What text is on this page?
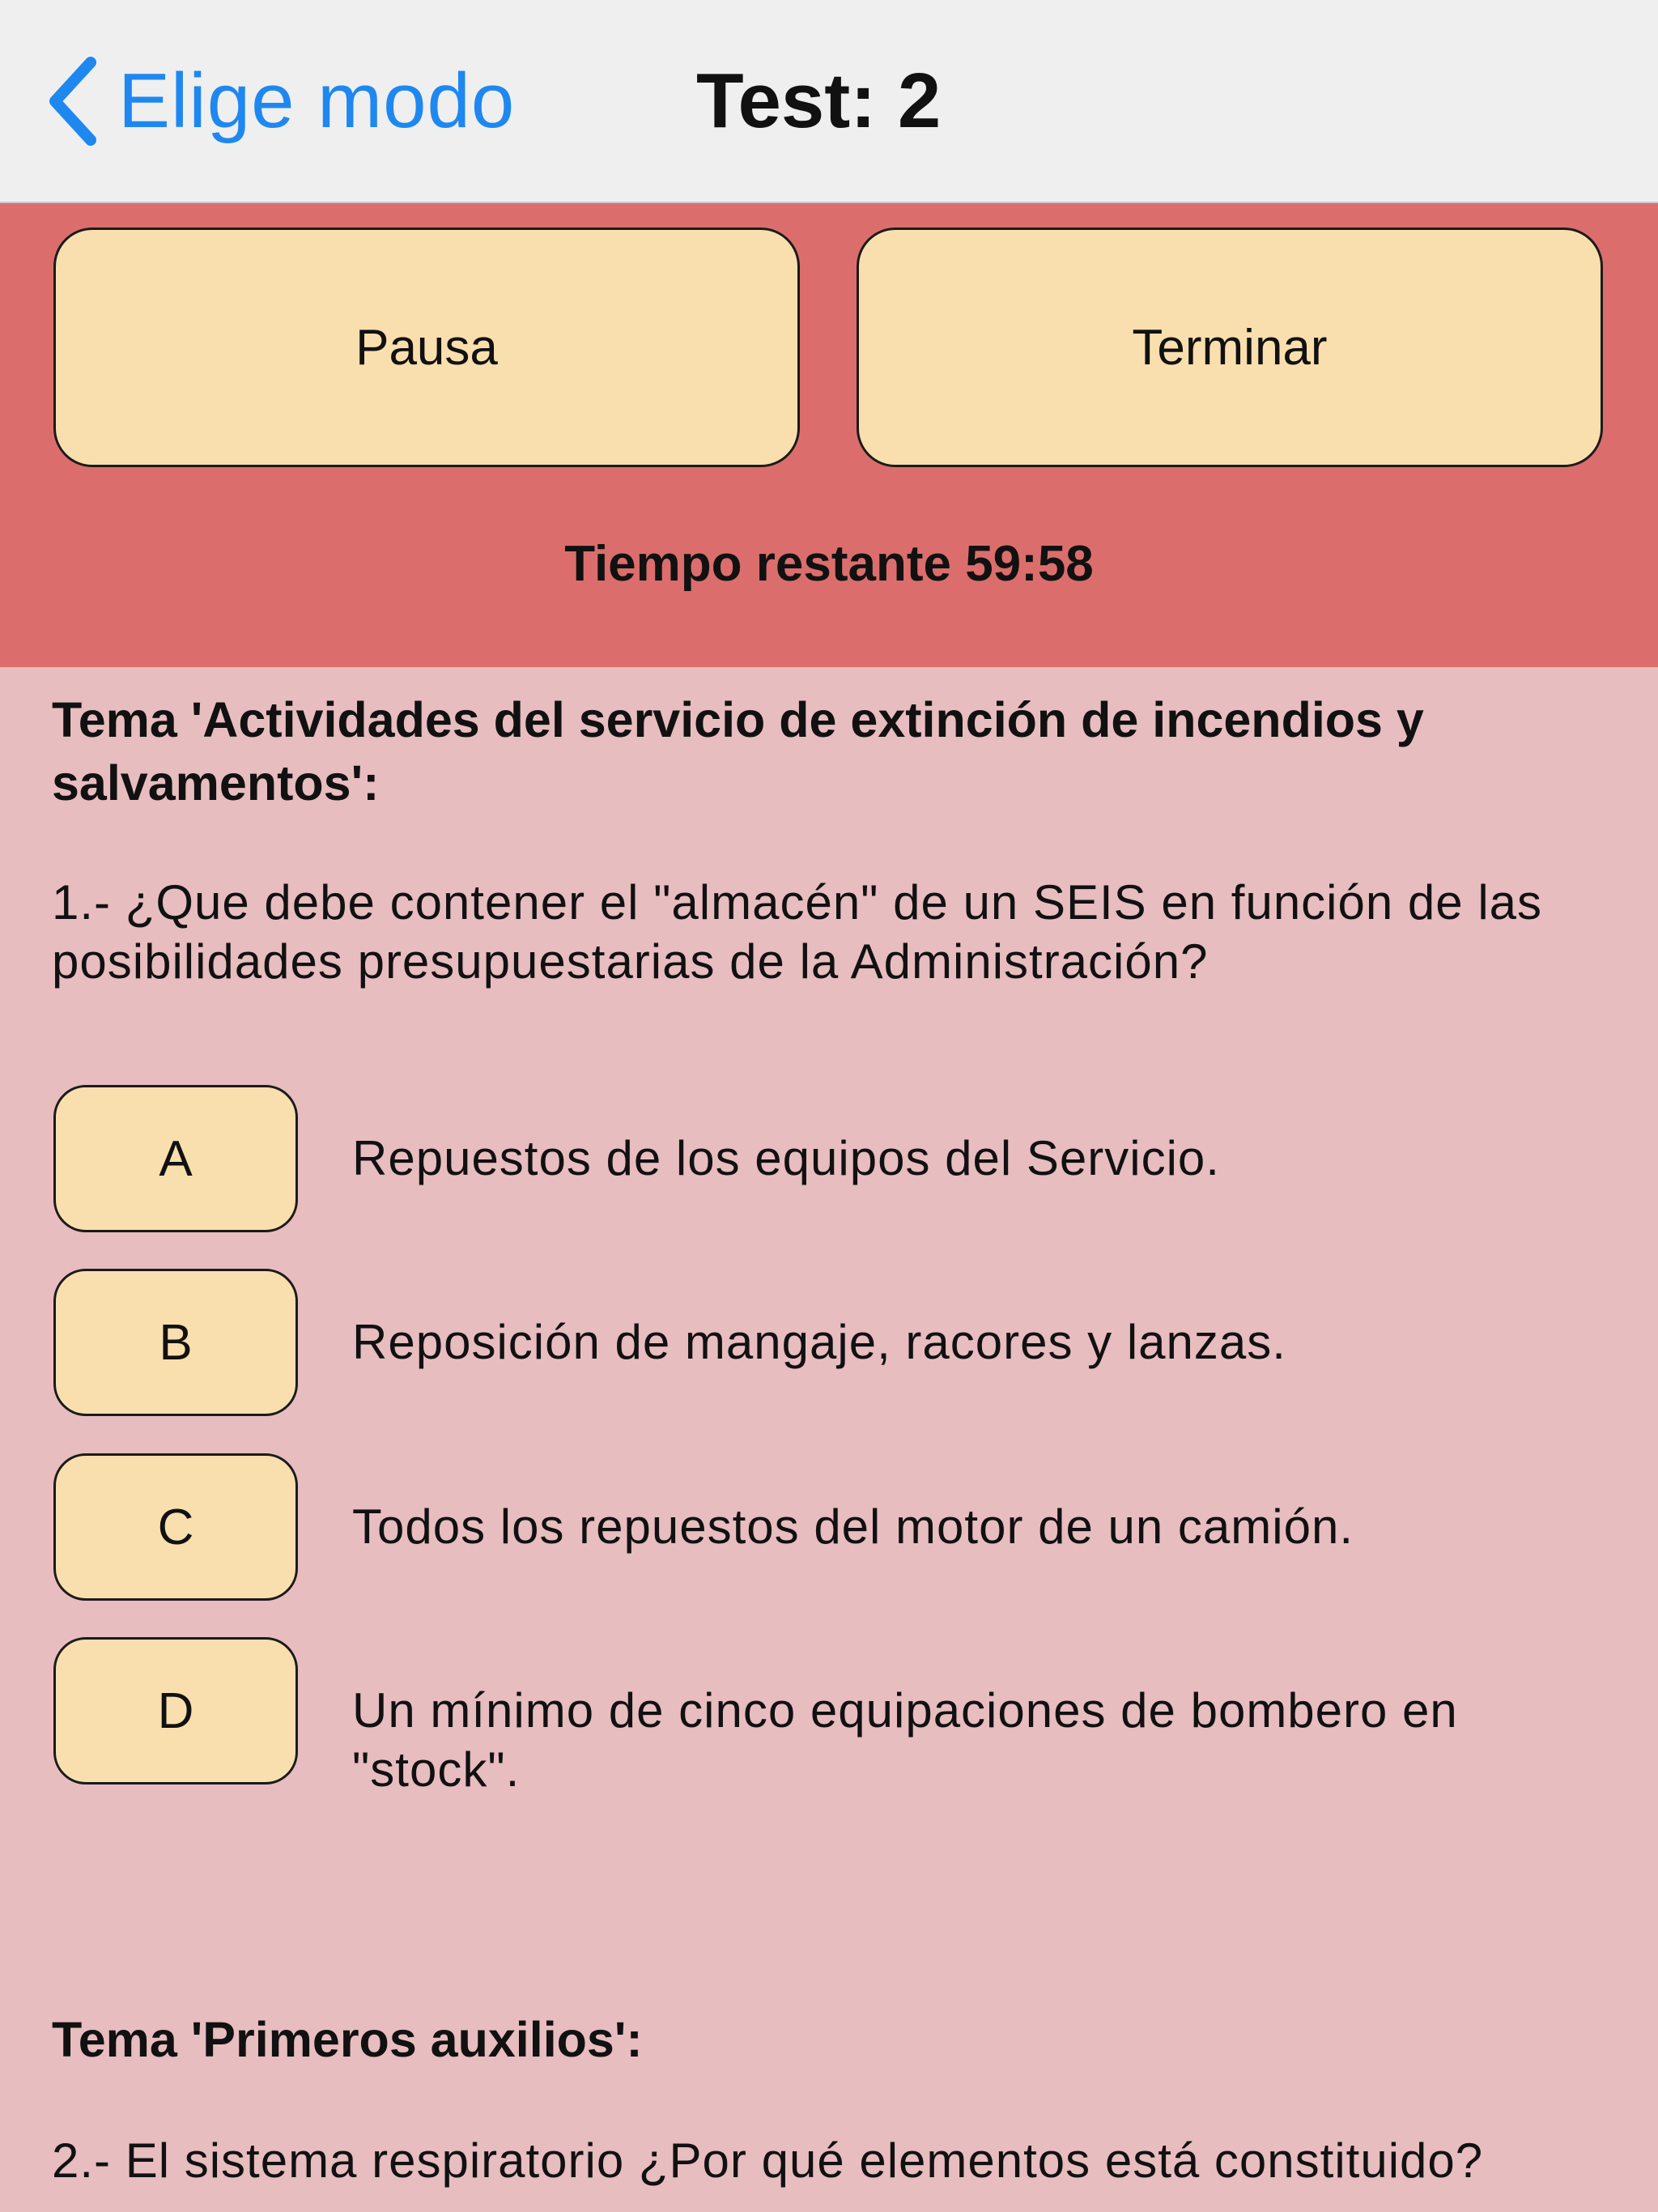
Elige modo Test: 2
Pausa	Terminar
Tiempo restante 59:58
Tema 'Actividades del servicio de extinción de incendios y salvamentos':
1.- ¿Que debe contener el "almacén" de un SEIS en función de las posibilidades presupuestarias de la Administración?
A	Repuestos de los equipos del Servicio.
B	Reposición de mangaje, racores y lanzas.
C	Todos los repuestos del motor de un camión.
D	Un mínimo de cinco equipaciones de bombero en "stock".
Tema 'Primeros auxilios':
2.- El sistema respiratorio ¿Por qué elementos está constituido?
